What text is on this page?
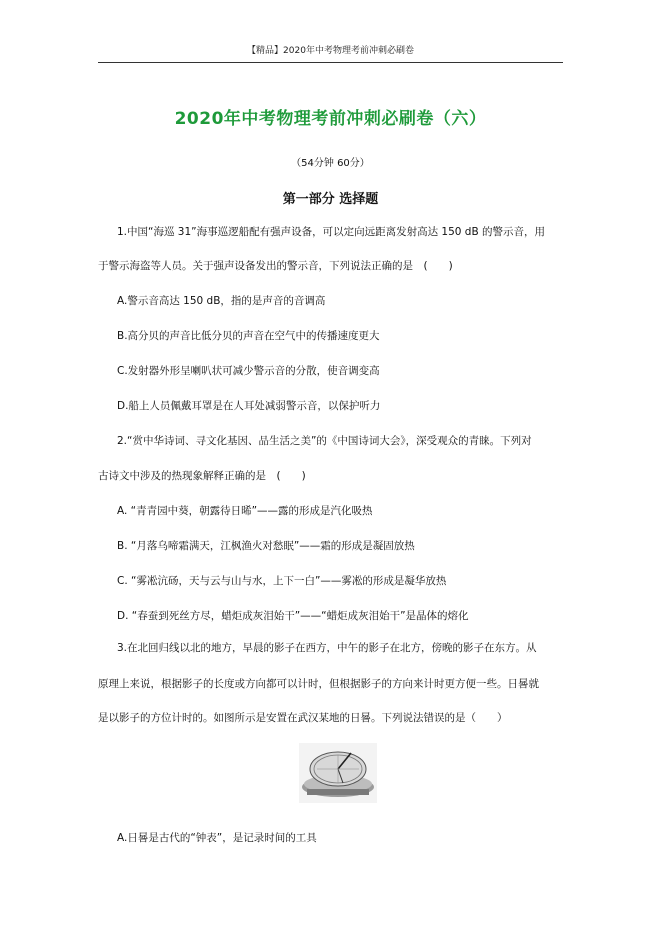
【精品】2020年中考物理考前冲刺必刷卷
2020年中考物理考前冲刺必刷卷（六）
（54分钟 60分）
第一部分 选择题
1.中国“海巡 31”海事巡逻船配有强声设备，可以定向远距离发射高达 150 dB 的警示音，用
于警示海盗等人员。关于强声设备发出的警示音，下列说法正确的是　(　　)
A.警示音高达 150 dB，指的是声音的音调高
B.高分贝的声音比低分贝的声音在空气中的传播速度更大
C.发射器外形呈喇叭状可减少警示音的分散，使音调变高
D.船上人员佩戴耳罩是在人耳处减弱警示音，以保护听力
2.“赏中华诗词、寻文化基因、品生活之美”的《中国诗词大会》，深受观众的青睐。下列对
古诗文中涉及的热现象解释正确的是　(　　)
A. “青青园中葵，朝露待日晞”——露的形成是汽化吸热
B. “月落乌啼霜满天，江枫渔火对愁眠”——霜的形成是凝固放热
C. “雾凇沆砀，天与云与山与水，上下一白”——雾凇的形成是凝华放热
D. “春蚕到死丝方尽，蜡炬成灰泪始干”——“蜡炬成灰泪始干”是晶体的熔化
3.在北回归线以北的地方，早晨的影子在西方，中午的影子在北方，傍晚的影子在东方。从
原理上来说，根据影子的长度或方向都可以计时，但根据影子的方向来计时更方便一些。日晷就
是以影子的方位计时的。如图所示是安置在武汉某地的日晷。下列说法错误的是（　　）
A.日晷是古代的“钟表”，是记录时间的工具
